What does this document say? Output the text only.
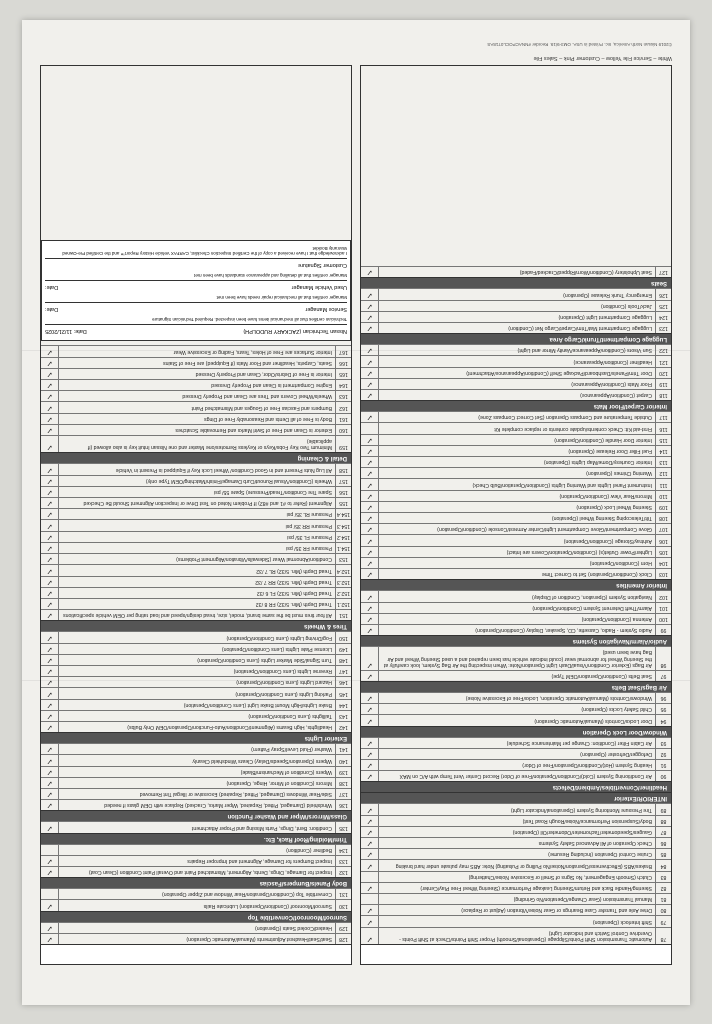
78
Automatic Transmission Shift Points/Slippage (Operational/Smooth) Proper Shift Points/Check at Shift Points - Overdrive Control Switch and Indicator Light)
✓
79
Shift Interlock (Operation)
✓
80
Drive Axle and Transfer Case Bearings or Gear Noise/Vibration (Adjust or Replace)
✓
81
Manual Transmission (Gear Change/Operation/No Grinding)
82
Steering/Handle Back and Return/Steering Leakage Performance (Steering Wheel Free Play/Center)
✓
83
Clutch (Smooth Engagement, No Signs of Smell or Excessive Noise/Chattering)
84
Brakes/ABS (Effectiveness/Operation/Noise/No Pulling or Pulsating) Note: ABS may pulsate under hard braking
✓
85
Cruise Control Operation (Including Resume)
✓
86
Check Operation of All Advanced Safety Systems
✓
87
Gauges/Speedometer/Tachometer/Odometer/Oil (Operation)
✓
88
Body/Suspension Performance/Noise/Rough Road Test)
✓
89
Tire Pressure Monitoring System (Operational/Indicator Light)
✓
INTERIOR/Exterior
Headliner/Convertibles/Ambient/Defects
90
Air Conditioning System (Cold)/Condition/Operation/Free of Odor) Record Center Vent Temp with A/C on MAX
✓
91
Heating System (Hot)/Condition/Operation/Free of Odor)
✓
92
Defogger/Defroster (Operation)
✓
93
Air Cabin Filter (Condition: Change per Maintenance Schedule)
✓
Window/Door Lock Operation
94
Door Locks/Controls (Manual/Automatic Operation)
✓
95
Child Safety Locks (Operation)
✓
96
Windows/Controls (Manual/Automatic Operation, Locks/Free of Excessive Noise)
✓
Air Bags/Seat Belts
97
Seat Belts (Condition/Operation/OEM Type)
✓
98
Air Bags (Exterior Condition/Visual/Dash Light Operation/Note: When inspecting the Air Bag System, look carefully at the Steering Wheel for abnormal wear (could indicate vehicle has been repaired and a used Steering Wheel and Air Bag have been used)
✓
Audio/Alarm/Navigation Systems
99
Audio System - Radio, Cassette, CD, Speaker, Display (Condition/Operation)
✓
100
Antenna (Condition/Operation)
✓
101
Alarm/Theft Deterrent System (Condition/Operation)
✓
102
Navigation System (Operation, Condition of Display)
✓
Interior Amenities
103
Clock (Condition/Operation) Set to Correct Time
✓
104
Horn (Condition/Operation)
✓
105
Lighter/Power Outlet(s) (Condition/Operation/Covers are Intact)
✓
106
Ashtray/Storage (Condition/Operation)
✓
107
Glove Compartment/Glove Compartment Light/Center Armrest/Console (Condition/Operation)
✓
108
Tilt/Telescoping Steering Wheel (Operation)
✓
109
Steering Wheel Lock (Operation)
✓
110
Mirrors/Rear View (Condition/Operation)
✓
111
Instrument Panel Lights and Warning Lights (Condition/Operation/Bulb Check)
✓
112
Warning Chimes (Operation)
✓
113
Interior Courtesy/Dome/Map Lights (Operation)
✓
114
Fuel Filler Door Release (Operation)
✓
115
Interior Door Handle (Condition/Operation)
✓
116
First-aid Kit: Check contents/update contents or replace complete Kit
117
Outside Temperature and Compass Operation (Set Correct Compass Zone)
✓
Interior Carpet/Floor Mats
118
Carpet (Condition/Appearance)
✓
119
Floor Mats (Condition/Appearance)
✓
120
Door Trim/Panels/Dashboard/Package Shelf (Condition/Appearance/Attachment)
✓
121
Headliner (Condition/Appearance)
✓
122
Sun Visors (Condition/Appearance/Vanity Mirror and Light)
✓
Luggage Compartment/Trunk/Cargo Area
123
Luggage Compartment Mat/Trim/Carpet/Cargo Net (Condition)
✓
124
Luggage Compartment Light (Operation)
✓
125
Jack/Tools (Condition)
✓
126
Emergency Trunk Release (Operation)
✓
Seats
127
Seat Upholstery (Condition/Worn/Ripped/Cracked/Faded)
✓
128
Seat/Seat/Headrest Adjustments (Manual/Automatic Operation)
✓
129
Heated/Cooled Seats (Operation)
✓
Sunroof/Moonroof/Convertible Top
130
Sunroof/Moonroof (Condition/Operation) Lubricate Rails
✓
131
Convertible Top (Condition/Operation/Rear Window and Zipper Operation)
Body Panels/Bumpers/Fascias
132
Inspect for Damage, Dings, Dents, Alignment, Mismatched Paint and Overall Paint Condition (Clean Coat)
✓
133
Inspect Bumpers for Damage, Alignment and Improper Repairs
✓
134
Bedliner (Condition)
Trim/Molding/Roof Rack, Etc.
135
Condition: Bent, Dings, Parts Missing and Proper Attachment
✓
Glass/Mirrors/Wiper and Washer Function
136
Windshield (Damaged, Pitted, Repaired, Wiper Marks, Cracked) Replace with OEM glass if needed
✓
137
Side/Rear Windows (Damaged, Pitted, Repaired) Excessive or Illegal Tint Removed
✓
138
Mirrors (Condition of Mirror, Hinge, Operation)
✓
139
Wipers (Condition of Mechanism/Blade)
✓
140
Wipers (Operation/Speeds/Delay) Clears Windshield Cleanly
✓
141
Washer (Fluid Level/Spray Pattern)
✓
Exterior Lights
142
Headlights, High Beams (Alignment/Condition/Auto-Function/Operation/OEM Only Bulbs)
✓
143
Taillights (Lens Condition/Operation)
✓
144
Brake Lights/High Mount Brake Light (Lens Condition/Operation)
✓
145
Parking Lights (Lens Condition/Operation)
✓
146
Hazard Lights (Lens Condition/Operation)
✓
147
Reverse Lights (Lens Condition/Operation)
✓
148
Turn Signal/Side Marker Lights (Lens Condition/Operation)
✓
149
License Plate Lights (Lens Condition/Operation)
✓
150
Fog/Driving Lights (Lens Condition/Operation)
✓
Tires & Wheels
151
All four tires must be the same brand, model, size, tread design/speed and load rating per OEM vehicle specifications
✓
152.1
Tread Depth (Min. 5/32) FR 8 /32
✓
152.2
Tread Depth (Min. 5/32) FL 6 /32
✓
152.3
Tread Depth (Min. 5/32) RR 7 /32
✓
152.4
Tread Depth (Min. 5/32) RL 7 /32
✓
153
Condition/Abnormal Wear (Sidewalls/Vibration/Alignment Problems)
✓
154.1
Pressure FR 35/ psi
✓
154.2
Pressure FL 35/ psi
✓
154.3
Pressure RR 35/ psi
✓
154.4
Pressure RL 35/ psi
✓
155
Alignment (Refer to #1 and #82) If Problem Noted on Test Drive or Inspection Alignment Should Be Checked
✓
156
Spare Tire Condition/Tread/Pressure) Spare 55/ psi
✓
157
Wheels (Condition/Visual Runout/Curb Damage/Finish/Matching/OEM Type only)
✓
158
All Lug Nuts Present and in Good Condition/ Wheel Lock Key if Equipped is Present in Vehicle
✓
Detail & Cleaning
159
Minimum Two Key Fobs/Keys or Keyless Remotes/one Master and one Nissan Intuit key is also allowed (if applicable)
✓
160
Exterior is Clean and Free of Swirl Marks and Removable Scratches
✓
161
Body is Free of all Dents and Reasonably Free of Dings
✓
162
Bumpers and Fascias Free of Gouges and Mismatched Paint
✓
163
Wheels/Wheel Covers and Tires are Clean and Properly Dressed
✓
164
Engine Compartment is Clean and Properly Dressed
✓
165
Interior is Free of Debris/Odor, Clean and Properly Dressed
✓
166
Seats, Carpets, Headliner and Floor Mats (if Equipped) are Free of Stains
✓
167
Interior Surfaces are Free of Holes, Tears, Fading or Excessive Wear
✓
Nissan Technician (ZACKARY RUDOLPH)
Date: 11/21/2025
Technician certifies that all mechanical items have been inspected. Required Technician Signature
Service Manager
Date:
Manager certifies that all mechanical repair needs have been met
Used Vehicle Manager
Date:
Manager certifies that all detailing and appearance standards have been met
Customer Signature
I acknowledge that I have received a copy of the Certified Inspection Checklist, CARFAX Vehicle History Report™ and the Certified Pre-Owned Warranty Booklet
White – Service File Yellow – Customer Pink – Sales File
©2019 Nissan North America, Inc. Printed in USA. OM3-9/19. Reorder #NNACPOCL0718AS
